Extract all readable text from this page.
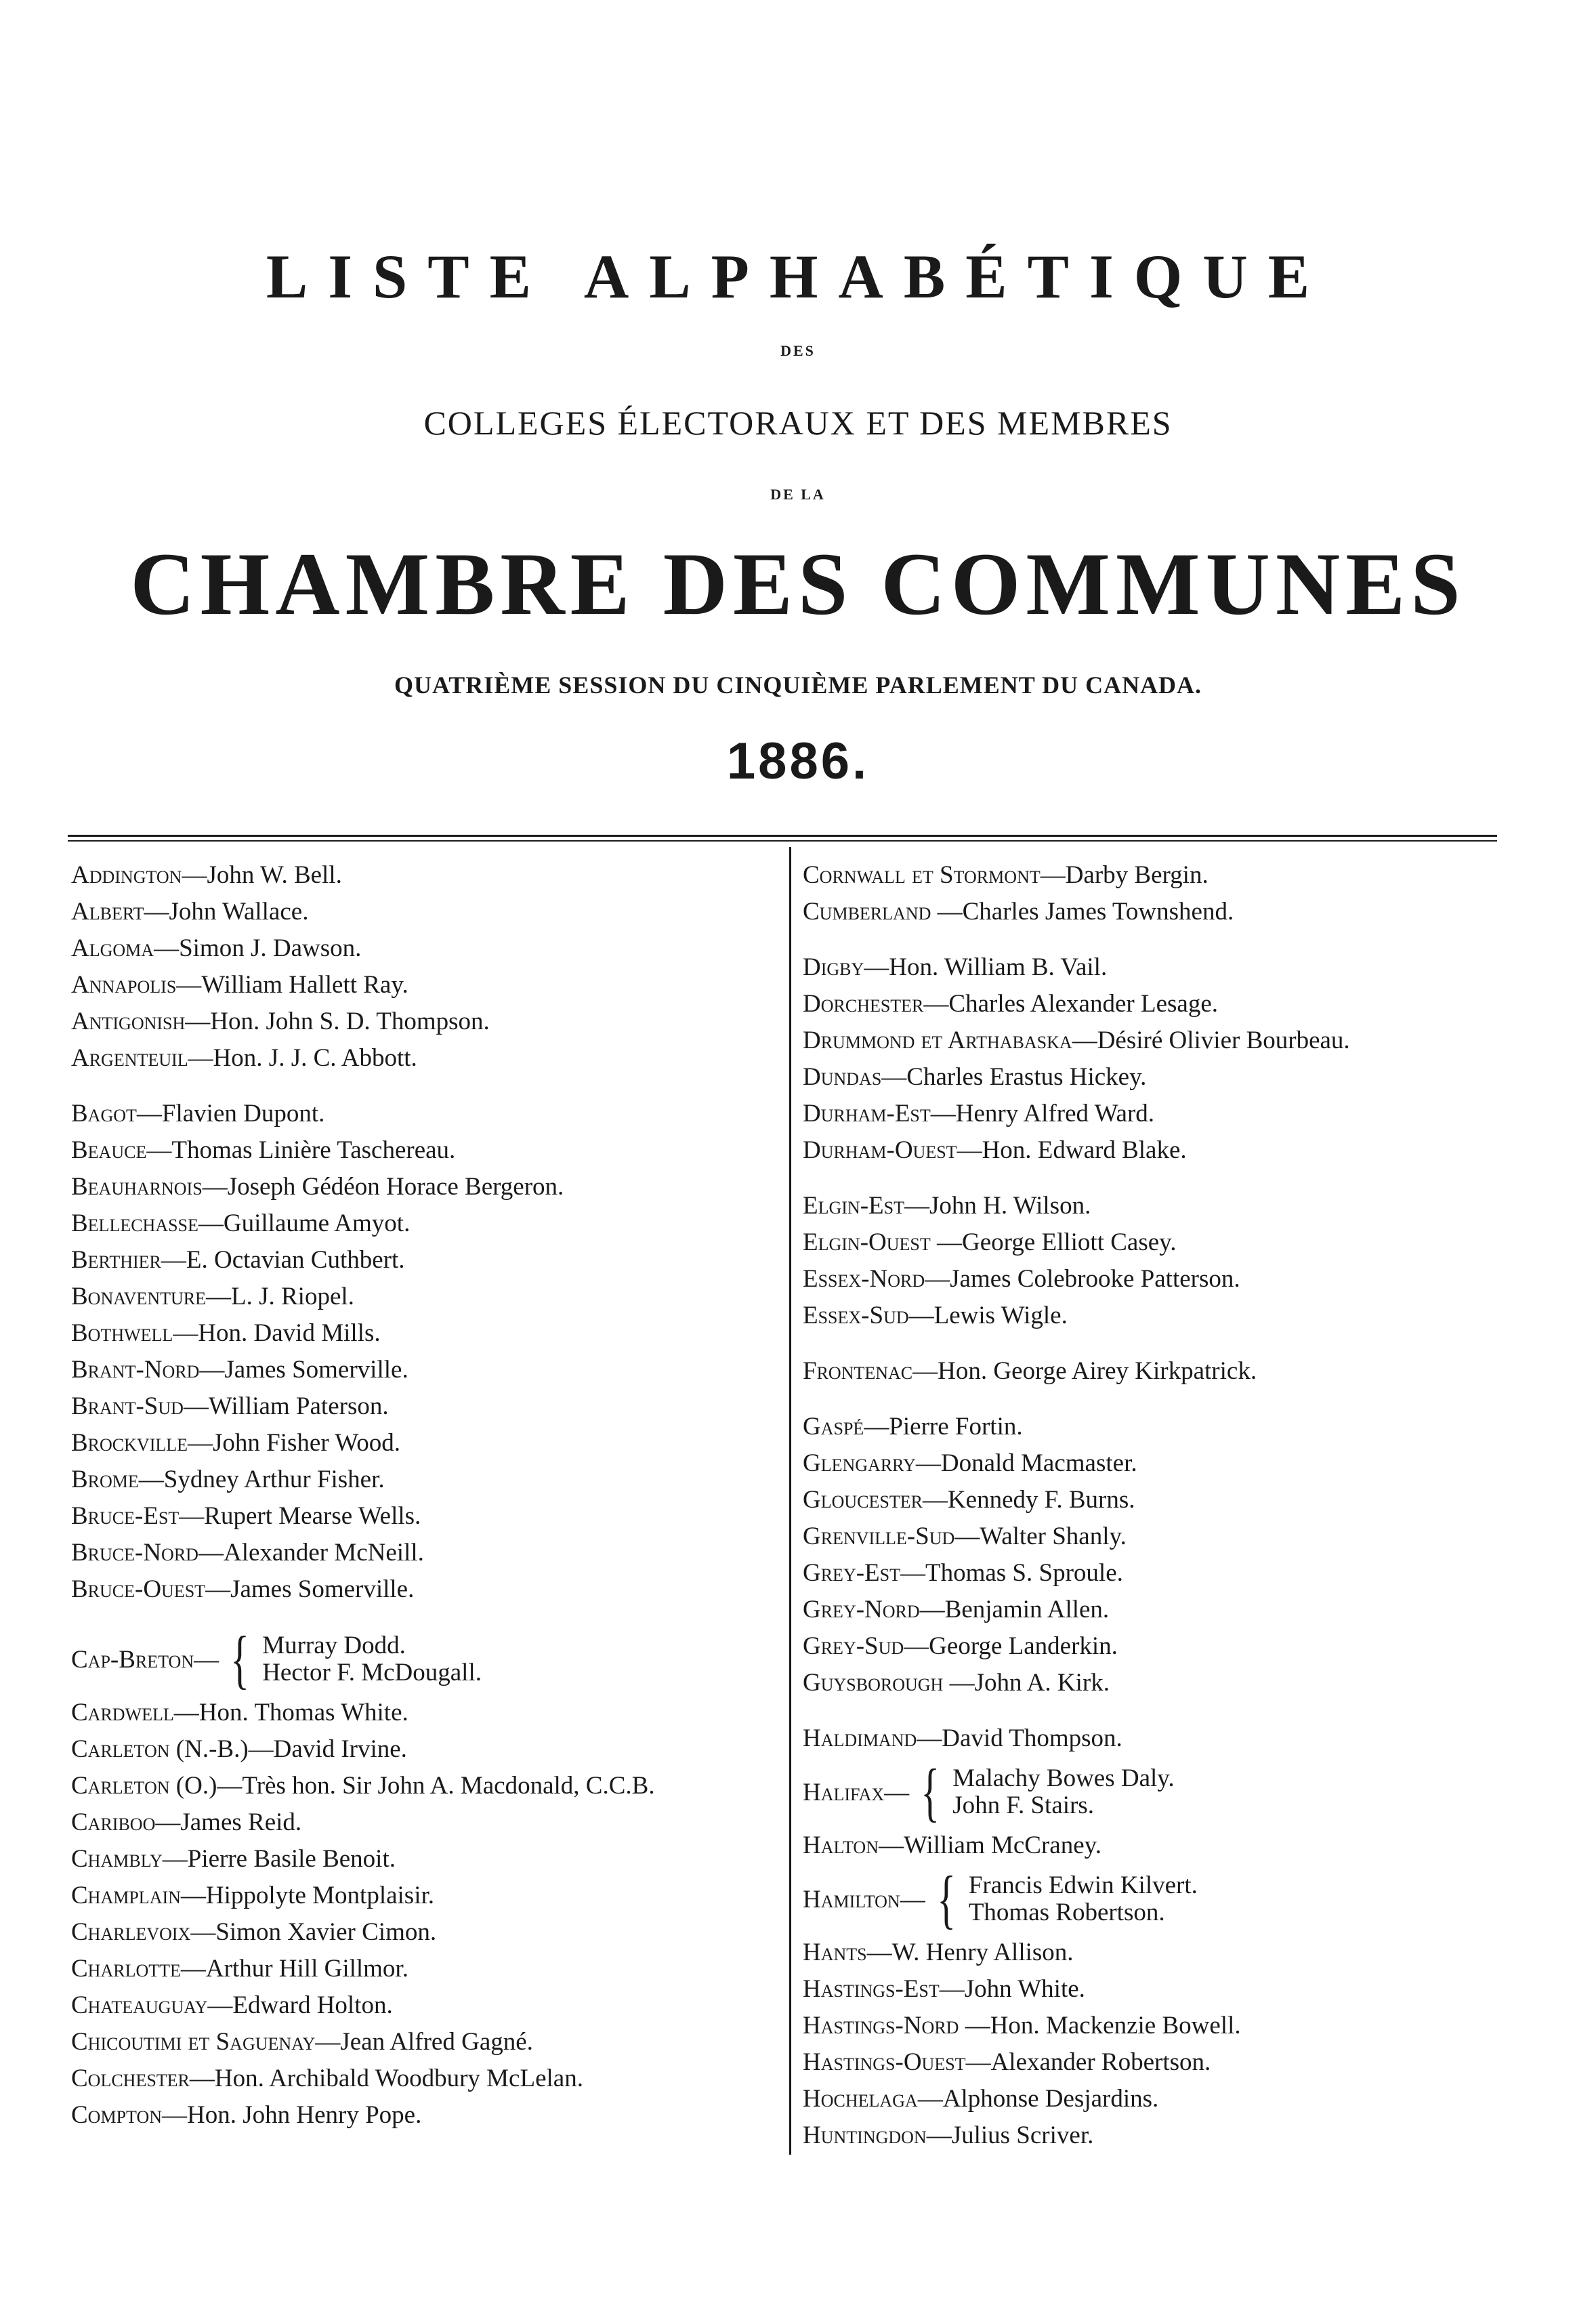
LISTE ALPHABÉTIQUE
DES
COLLEGES ÉLECTORAUX ET DES MEMBRES
DE LA
CHAMBRE DES COMMUNES
QUATRIÈME SESSION DU CINQUIÈME PARLEMENT DU CANADA.
1886.
Addington—John W. Bell.
Albert—John Wallace.
Algoma—Simon J. Dawson.
Annapolis—William Hallett Ray.
Antigonish—Hon. John S. D. Thompson.
Argenteuil—Hon. J. J. C. Abbott.
Bagot—Flavien Dupont.
Beauce—Thomas Linière Taschereau.
Beauharnois—Joseph Gédéon Horace Bergeron.
Bellechasse—Guillaume Amyot.
Berthier—E. Octavian Cuthbert.
Bonaventure—L. J. Riopel.
Bothwell—Hon. David Mills.
Brant-Nord—James Somerville.
Brant-Sud—William Paterson.
Brockville—John Fisher Wood.
Brome—Sydney Arthur Fisher.
Bruce-Est—Rupert Mearse Wells.
Bruce-Nord—Alexander McNeill.
Bruce-Ouest—James Somerville.
Cap-Breton — { Murray Dodd.
Hector F. McDougall.
Cardwell—Hon. Thomas White.
Carleton (N.-B.)—David Irvine.
Carleton (O.)—Très hon. Sir John A. Macdonald, C.C.B.
Cariboo—James Reid.
Chambly—Pierre Basile Benoit.
Champlain—Hippolyte Montplaisir.
Charlevoix—Simon Xavier Cimon.
Charlotte—Arthur Hill Gillmor.
Chateauguay—Edward Holton.
Chicoutimi et Saguenay—Jean Alfred Gagné.
Colchester—Hon. Archibald Woodbury McLelan.
Compton—Hon. John Henry Pope.
Cornwall et Stormont—Darby Bergin.
Cumberland —Charles James Townshend.
Digby—Hon. William B. Vail.
Dorchester—Charles Alexander Lesage.
Drummond et Arthabaska—Désiré Olivier Bourbeau.
Dundas—Charles Erastus Hickey.
Durham-Est—Henry Alfred Ward.
Durham-Ouest—Hon. Edward Blake.
Elgin-Est—John H. Wilson.
Elgin-Ouest —George Elliott Casey.
Essex-Nord—James Colebrooke Patterson.
Essex-Sud—Lewis Wigle.
Frontenac—Hon. George Airey Kirkpatrick.
Gaspé—Pierre Fortin.
Glengarry—Donald Macmaster.
Gloucester—Kennedy F. Burns.
Grenville-Sud—Walter Shanly.
Grey-Est—Thomas S. Sproule.
Grey-Nord—Benjamin Allen.
Grey-Sud—George Landerkin.
Guysborough —John A. Kirk.
Haldimand—David Thompson.
Halifax — { Malachy Bowes Daly.
John F. Stairs.
Halton—William McCraney.
Hamilton — { Francis Edwin Kilvert.
Thomas Robertson.
Hants—W. Henry Allison.
Hastings-Est—John White.
Hastings-Nord —Hon. Mackenzie Bowell.
Hastings-Ouest—Alexander Robertson.
Hochelaga—Alphonse Desjardins.
Huntingdon—Julius Scriver.
